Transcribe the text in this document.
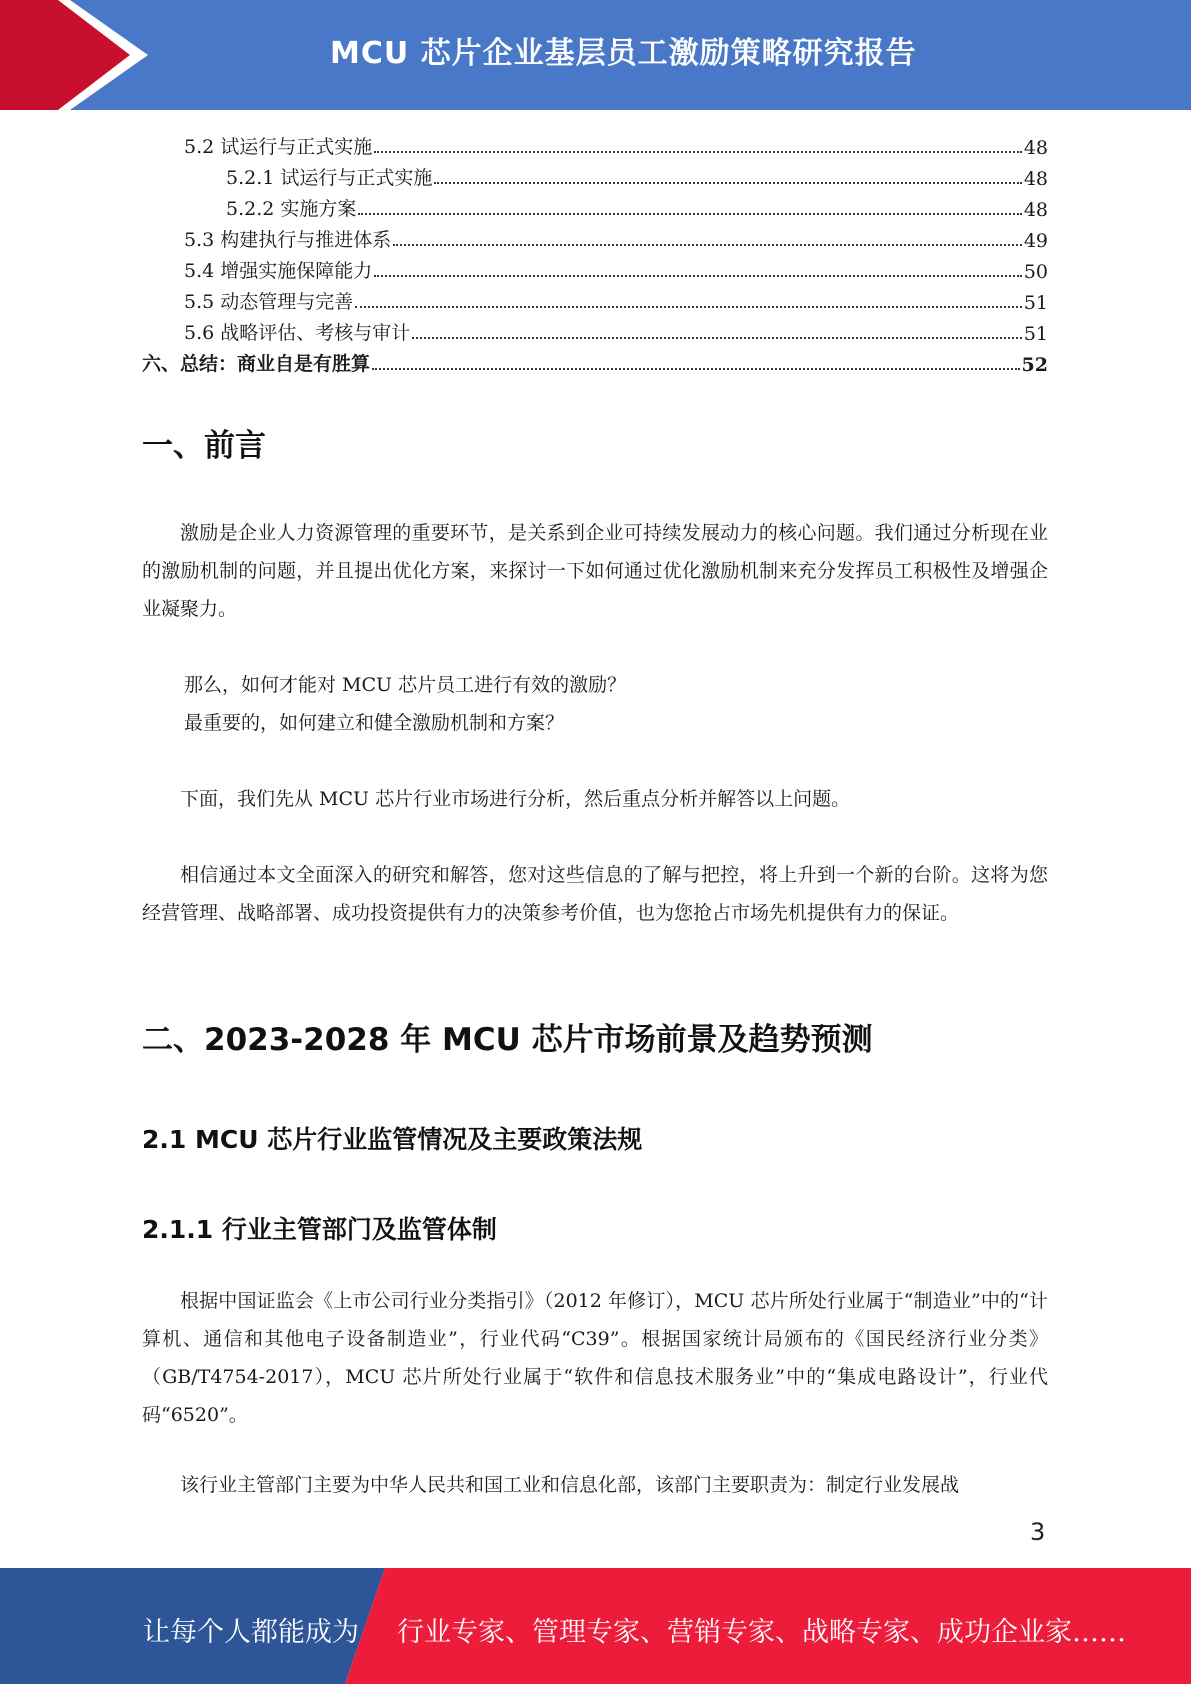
MCU 芯片企业基层员工激励策略研究报告
5.2 试运行与正式实施	48
5.2.1 试运行与正式实施	48
5.2.2 实施方案	48
5.3 构建执行与推进体系	49
5.4 增强实施保障能力	50
5.5 动态管理与完善	51
5.6 战略评估、考核与审计	51
六、总结：商业自是有胜算	52
一、前言
激励是企业人力资源管理的重要环节，是关系到企业可持续发展动力的核心问题。我们通过分析现在业的激励机制的问题，并且提出优化方案，来探讨一下如何通过优化激励机制来充分发挥员工积极性及增强企业凝聚力。
那么，如何才能对 MCU 芯片员工进行有效的激励？
最重要的，如何建立和健全激励机制和方案？
下面，我们先从 MCU 芯片行业市场进行分析，然后重点分析并解答以上问题。
相信通过本文全面深入的研究和解答，您对这些信息的了解与把控，将上升到一个新的台阶。这将为您经营管理、战略部署、成功投资提供有力的决策参考价值，也为您抢占市场先机提供有力的保证。
二、2023-2028 年 MCU 芯片市场前景及趋势预测
2.1 MCU 芯片行业监管情况及主要政策法规
2.1.1 行业主管部门及监管体制
根据中国证监会《上市公司行业分类指引》（2012 年修订），MCU 芯片所处行业属于“制造业”中的“计算机、通信和其他电子设备制造业”，行业代码“C39”。根据国家统计局颁布的《国民经济行业分类》（GB/T4754-2017），MCU 芯片所处行业属于“软件和信息技术服务业”中的“集成电路设计”，行业代码“6520”。
该行业主管部门主要为中华人民共和国工业和信息化部，该部门主要职责为：制定行业发展战
3
让每个人都能成为 行业专家、管理专家、营销专家、战略专家、成功企业家……
